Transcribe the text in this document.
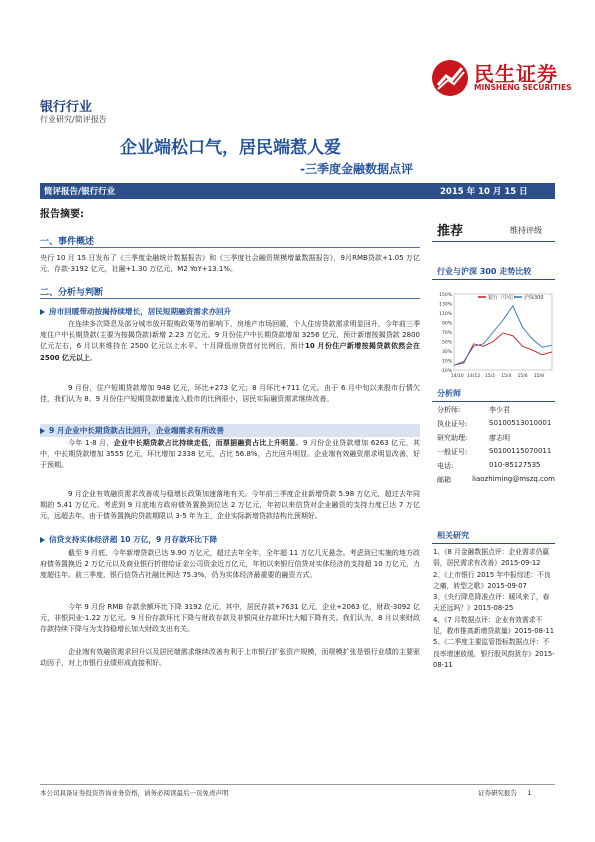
民生证券
MINSHENG SECURITIES
银行行业
行业研究/简评报告
企业端松口气，居民端惹人爱
-三季度金融数据点评
简评报告/银行行业	2015 年 10 月 15 日
报告摘要:
一、事件概述
央行 10 月 15 日发布了《三季度金融统计数据报告》和《三季度社会融资规模增量数据报告》，9月RMB贷款+1.05 万亿元，存款-3192 亿元，社融+1.30 万亿元，M2 YoY+13.1%。
二、分析与判断
房市回暖带动按揭持续增长，居民短期融资需求亦回升
在连续多次降息及部分城市放开限购政策等的影响下，房地产市场回暖，个人住房贷款需求明显回升，今年前三季度住户中长期贷款(主要为按揭贷款)新增 2.23 万亿元。9 月份住户中长期贷款增加 3256 亿元，预计新增按揭贷款 2800 亿元左右，6 月以来维持在 2500 亿元以上水平。十月降低房贷首付比例后，预计10 月份住户新增按揭贷款依然会在 2500 亿元以上。
9 月份，住户短期贷款增加 948 亿元，环比+273 亿元；8 月环比+711 亿元。由于 6 月中旬以来股市行情欠佳，我们认为 8、9 月份住户短期贷款增量流入股市的比例很小，居民实际融资需求继续改善。
9 月企业中长期贷款占比回升，企业端需求有所改善
今年 1-8 月，企业中长期贷款占比持续走低，而票据融资占比上升明显。9 月份企业贷款增加 6263 亿元，其中，中长期贷款增加 3555 亿元，环比增加 2338 亿元，占比 56.8%，占比回升明显。企业端有效融资需求明显改善，好于预期。
9 月企业有效融资需求改善或与稳增长政策加速落地有关。今年前三季度企业新增贷款 5.98 万亿元，超过去年同期的 5.41 万亿元。考虑到 9 月底地方政府债务置换到位达 2 万亿元，年初以来信贷对企业融资的支持力度已达 7 万亿元，远超去年。由于债务置换的贷款期限以 3-5 年为主，企业实际新增贷款结构比预期好。
信贷支持实体经济超 10 万亿，9 月存款环比下降
截至 9 月底，今年新增贷款已达 9.90 万亿元，超过去年全年，全年超 11 万亿几无悬念。考虑到已实施的地方政府债务置换近 2 万亿元以及商业银行折借给证金公司资金近万亿元，年初以来银行信贷对实体经济的支持超 10 万亿元，力度超往年。前三季度，银行信贷占社融比例达 75.3%，仍为实体经济最重要的融资方式。
今年 9 月份 RMB 存款余额环比下降 3192 亿元。其中，居民存款+7631 亿元，企业+2063 亿，财政-3092 亿元，非银同业-1.22 万亿元。9 月份存款环比下降与财政存款及非银同业存款环比大幅下降有关。我们认为，8 月以来财政存款持续下降与为支持稳增长加大财政支出有关。
企业端有效融资需求回升以及居民端需求继续改善有利于上市银行扩张资产规模，而规模扩张是银行业绩的主要驱动因子，对上市银行业绩形成直接利好。
推荐	维持评级
行业与沪深 300 走势比较
150%
130%
110%
90%
70%
50%
30%
10%
-10%
14/10 14/12 15/2 15/4 15/6 15/8
银行（中信） 沪深300
分析师
分析师:	李少君
执业证号:	S0100513010001
研究助理:	廖志明
一般证号:	S0100115070011
电话:	010-85127535
邮箱	liaozhiming@mszq.com
相关研究
1、《8 月金融数据点评：企业需求仍羸弱，居民需求有改善》2015-09-12
2、《上市银行 2015 年中报综述：不良之痛，转型之歌》2015-09-07
3、《央行降息降准点评：暖风来了，春天还远吗？》2015-08-25
4、《7 月数据点评：企业有效需求不足，救市推高新增贷款量》2015-08-11
5、《二季度主要监管指标数据点评：不良率增速放缓，银行股风韵犹存》2015-08-11
本公司具备证券投资咨询业务资格，请务必阅读最后一页免责声明	证券研究报告 1
